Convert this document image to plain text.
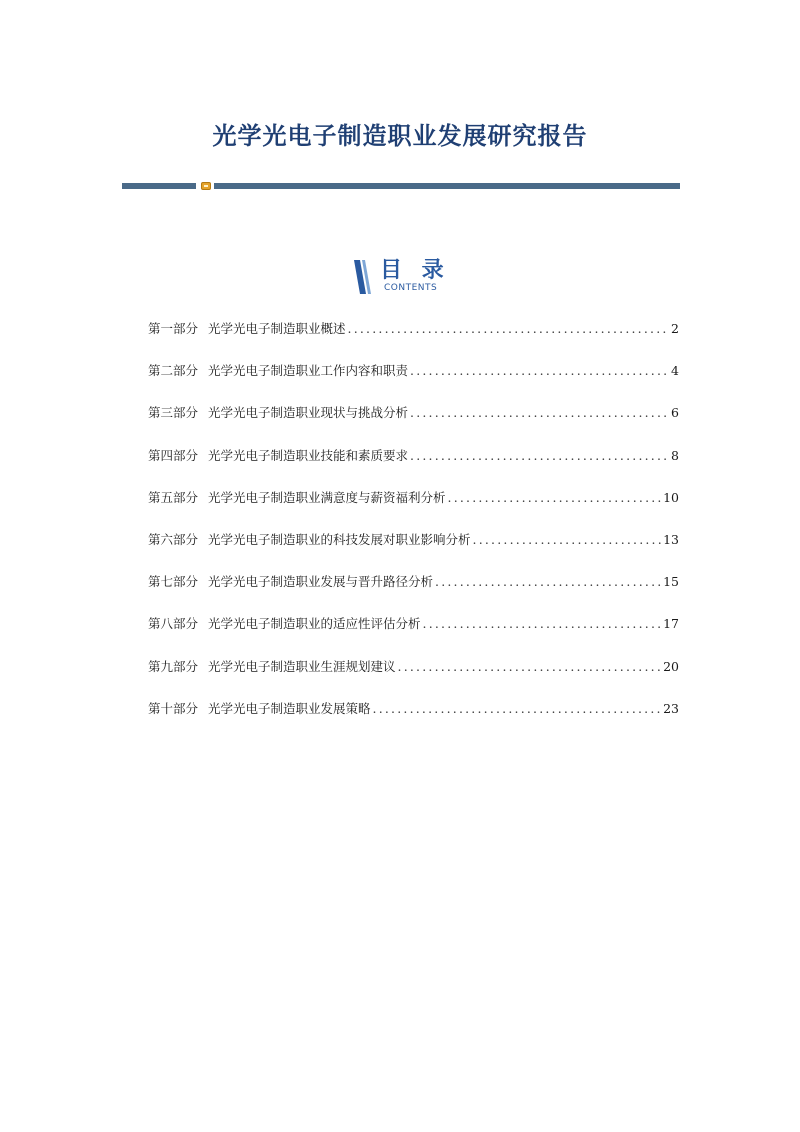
光学光电子制造职业发展研究报告
目 录
CONTENTS
第一部分 光学光电子制造职业概述 .....	2
第二部分 光学光电子制造职业工作内容和职责 .....	4
第三部分 光学光电子制造职业现状与挑战分析 .....	6
第四部分 光学光电子制造职业技能和素质要求 .....	8
第五部分 光学光电子制造职业满意度与薪资福利分析 .....	10
第六部分 光学光电子制造职业的科技发展对职业影响分析 .....	13
第七部分 光学光电子制造职业发展与晋升路径分析 .....	15
第八部分 光学光电子制造职业的适应性评估分析 .....	17
第九部分 光学光电子制造职业生涯规划建议 .....	20
第十部分 光学光电子制造职业发展策略 .....	23
